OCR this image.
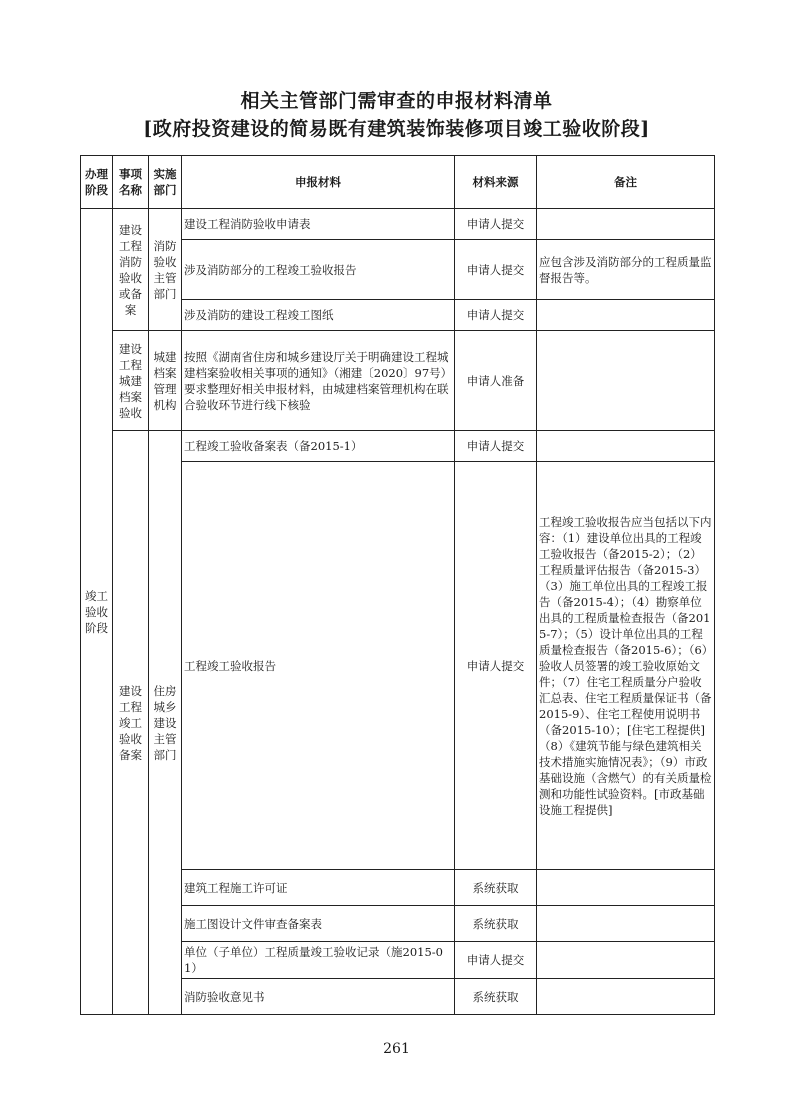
相关主管部门需审查的申报材料清单
[政府投资建设的简易既有建筑装饰装修项目竣工验收阶段]
办理阶段	事项名称	实施部门	申报材料	材料来源	备注
竣工验收阶段	建设工程消防验收或备案	消防验收主管部门	建设工程消防验收申请表	申请人提交	
			涉及消防部分的工程竣工验收报告	申请人提交	应包含涉及消防部分的工程质量监督报告等。
			涉及消防的建设工程竣工图纸	申请人提交	
	建设工程城建档案验收	城建档案管理机构	按照《湖南省住房和城乡建设厅关于明确建设工程城建档案验收相关事项的通知》（湘建〔2020〕97号）要求整理好相关申报材料，由城建档案管理机构在联合验收环节进行线下核验	申请人准备	
	建设工程竣工验收备案	住房城乡建设主管部门	工程竣工验收备案表（备2015-1）	申请人提交	
			工程竣工验收报告	申请人提交	工程竣工验收报告应当包括以下内容：（1）建设单位出具的工程竣工验收报告（备2015-2）；（2）工程质量评估报告（备2015-3）（3）施工单位出具的工程竣工报告（备2015-4）；（4）勘察单位出具的工程质量检查报告（备2015-7）；（5）设计单位出具的工程质量检查报告（备2015-6）；（6）验收人员签署的竣工验收原始文件；（7）住宅工程质量分户验收汇总表、住宅工程质量保证书（备 2015-9）、住宅工程使用说明书（备2015-10）；[住宅工程提供]（8）《建筑节能与绿色建筑相关技术措施实施情况表》；（9）市政基础设施（含燃气）的有关质量检测和功能性试验资料。[市政基础设施工程提供]
			建筑工程施工许可证	系统获取	
			施工图设计文件审查备案表	系统获取	
			单位（子单位）工程质量竣工验收记录（施2015-01）	申请人提交	
			消防验收意见书	系统获取	
261
